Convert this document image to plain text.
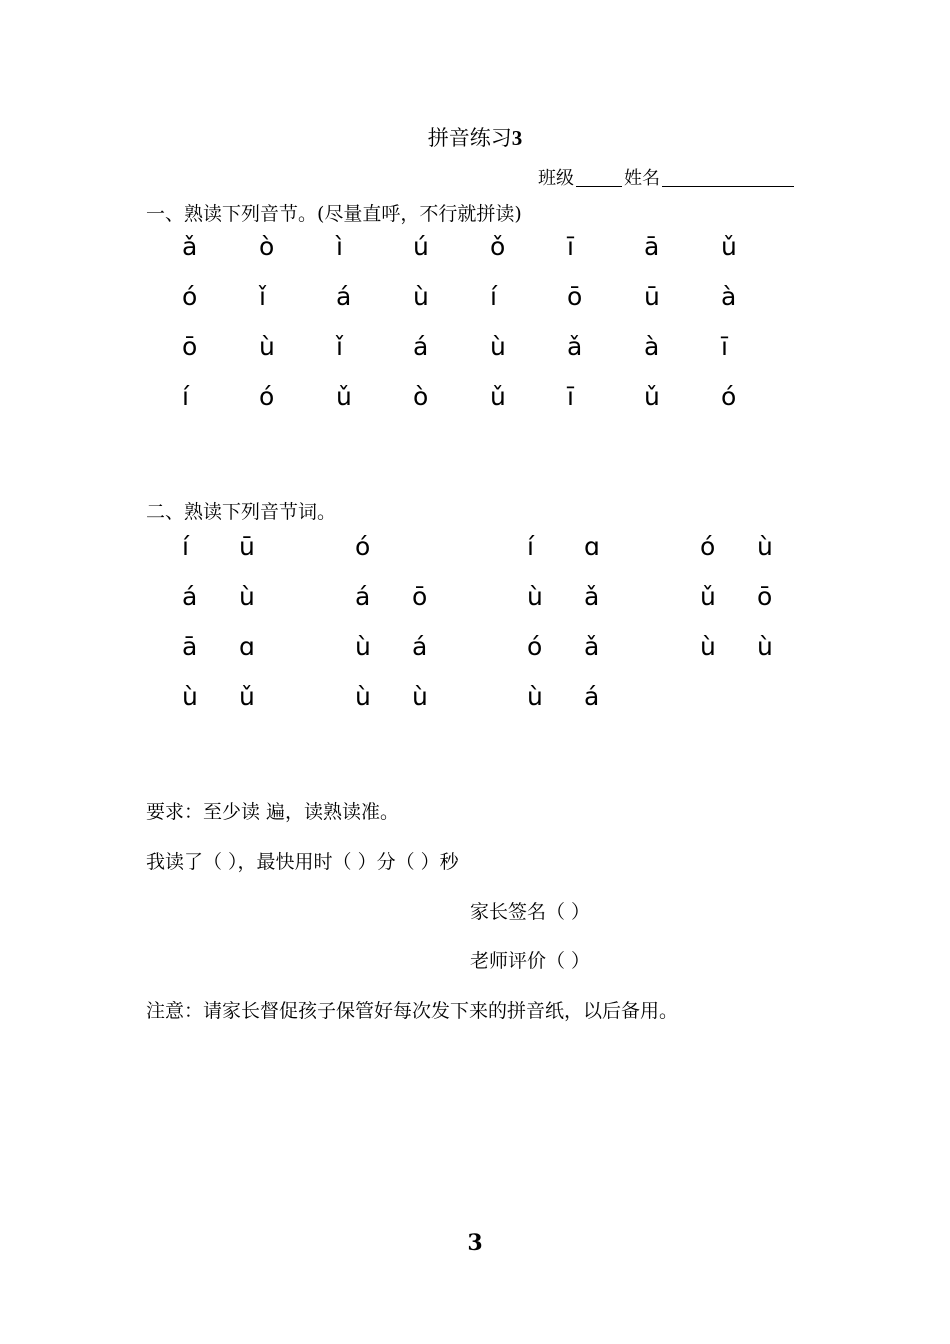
拼音练习3
班级	姓名
一、熟读下列音节。(尽量直呼，不行就拼读)
ǎ ò ì	ú ǒ ī	ā ǔ
ó ǐ	á ù í	ō ū à
ō ù ǐ	á ù ǎ à ī
í	ó ǔ ò ǔ ī	ǔ ó
二、熟读下列音节词。
í ū	ó	í ɑ	ó ù
á ù	á ō	ù ǎ	ǔ ō
ā ɑ	ù á	ó ǎ	ù ù
ù ǔ	ù ù	ù á
要求：至少读 遍，读熟读准。
我读了（ ），最快用时（ ）分（ ）秒
家长签名（ ）
老师评价（ ）
注意：请家长督促孩子保管好每次发下来的拼音纸，以后备用。
3
